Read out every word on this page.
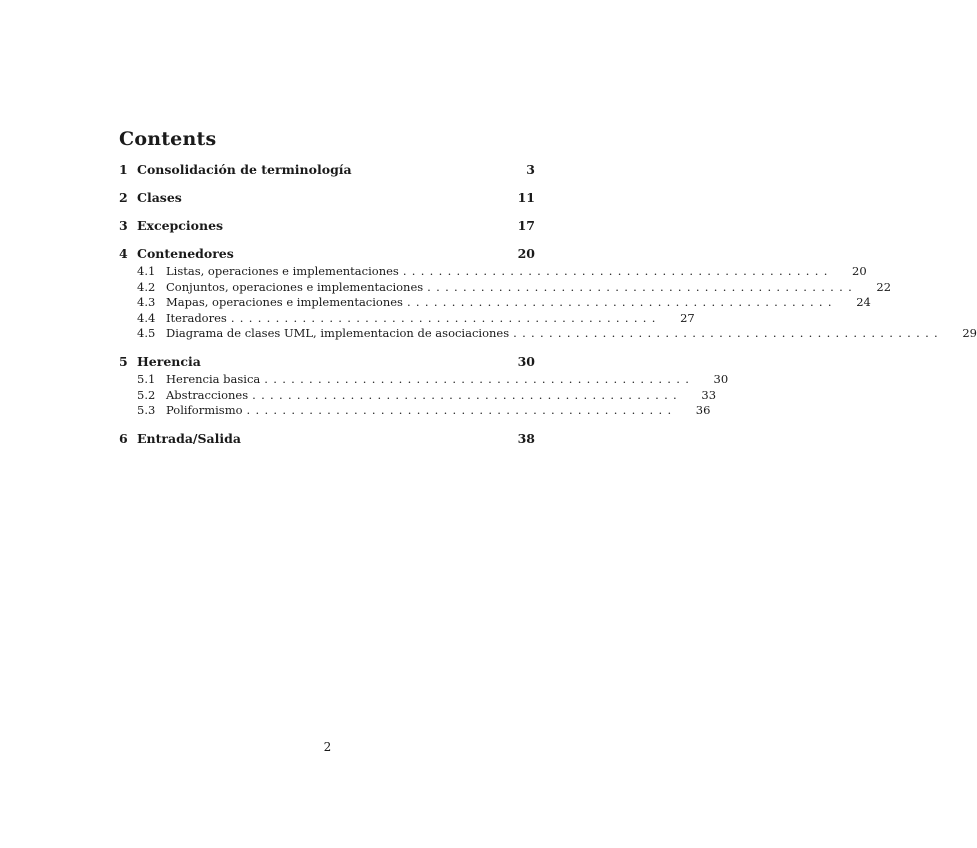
Contents
1 Consolidación de terminología	3
2 Clases	11
3 Excepciones	17
4 Contenedores	20
4.1 Listas, operaciones e implementaciones ................................................	20
4.2 Conjuntos, operaciones e implementaciones ................................................	22
4.3 Mapas, operaciones e implementaciones ................................................	24
4.4 Iteradores ................................................	27
4.5 Diagrama de clases UML, implementacion de asociaciones ................................................	29
5 Herencia	30
5.1 Herencia basica ................................................	30
5.2 Abstracciones ................................................	33
5.3 Poliformismo ................................................	36
6 Entrada/Salida	38
2
